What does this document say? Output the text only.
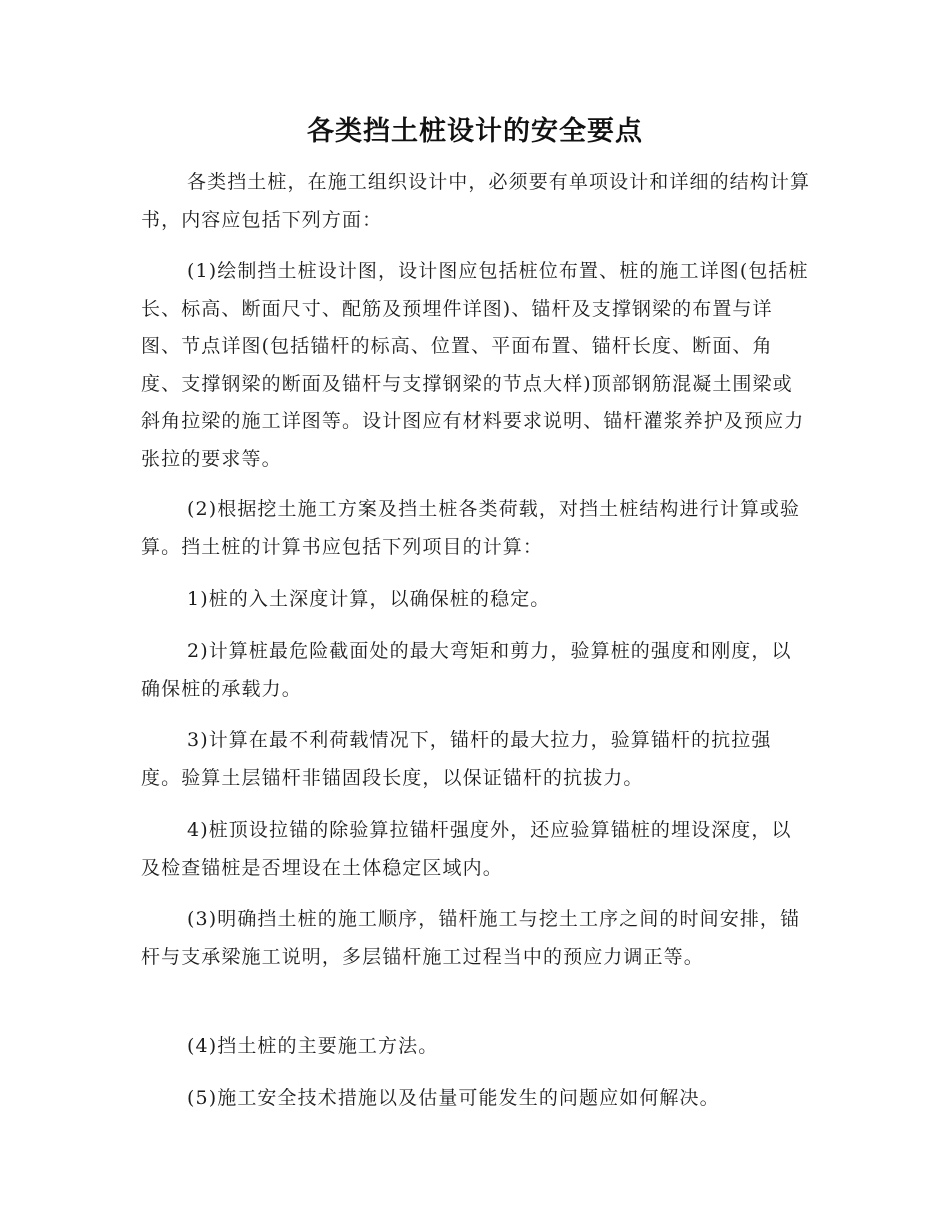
各类挡土桩设计的安全要点

各类挡土桩，在施工组织设计中，必须要有单项设计和详细的结构计算书，内容应包括下列方面：

(1)绘制挡土桩设计图，设计图应包括桩位布置、桩的施工详图(包括桩长、标高、断面尺寸、配筋及预埋件详图)、锚杆及支撑钢梁的布置与详图、节点详图(包括锚杆的标高、位置、平面布置、锚杆长度、断面、角度、支撑钢梁的断面及锚杆与支撑钢梁的节点大样)顶部钢筋混凝土围梁或斜角拉梁的施工详图等。设计图应有材料要求说明、锚杆灌浆养护及预应力张拉的要求等。

(2)根据挖土施工方案及挡土桩各类荷载，对挡土桩结构进行计算或验算。挡土桩的计算书应包括下列项目的计算：

1)桩的入土深度计算，以确保桩的稳定。

2)计算桩最危险截面处的最大弯矩和剪力，验算桩的强度和刚度，以确保桩的承载力。

3)计算在最不利荷载情况下，锚杆的最大拉力，验算锚杆的抗拉强度。验算土层锚杆非锚固段长度，以保证锚杆的抗拔力。

4)桩顶设拉锚的除验算拉锚杆强度外，还应验算锚桩的埋设深度，以及检查锚桩是否埋设在土体稳定区域内。

(3)明确挡土桩的施工顺序，锚杆施工与挖土工序之间的时间安排，锚杆与支承梁施工说明，多层锚杆施工过程当中的预应力调正等。

(4)挡土桩的主要施工方法。

(5)施工安全技术措施以及估量可能发生的问题应如何解决。
